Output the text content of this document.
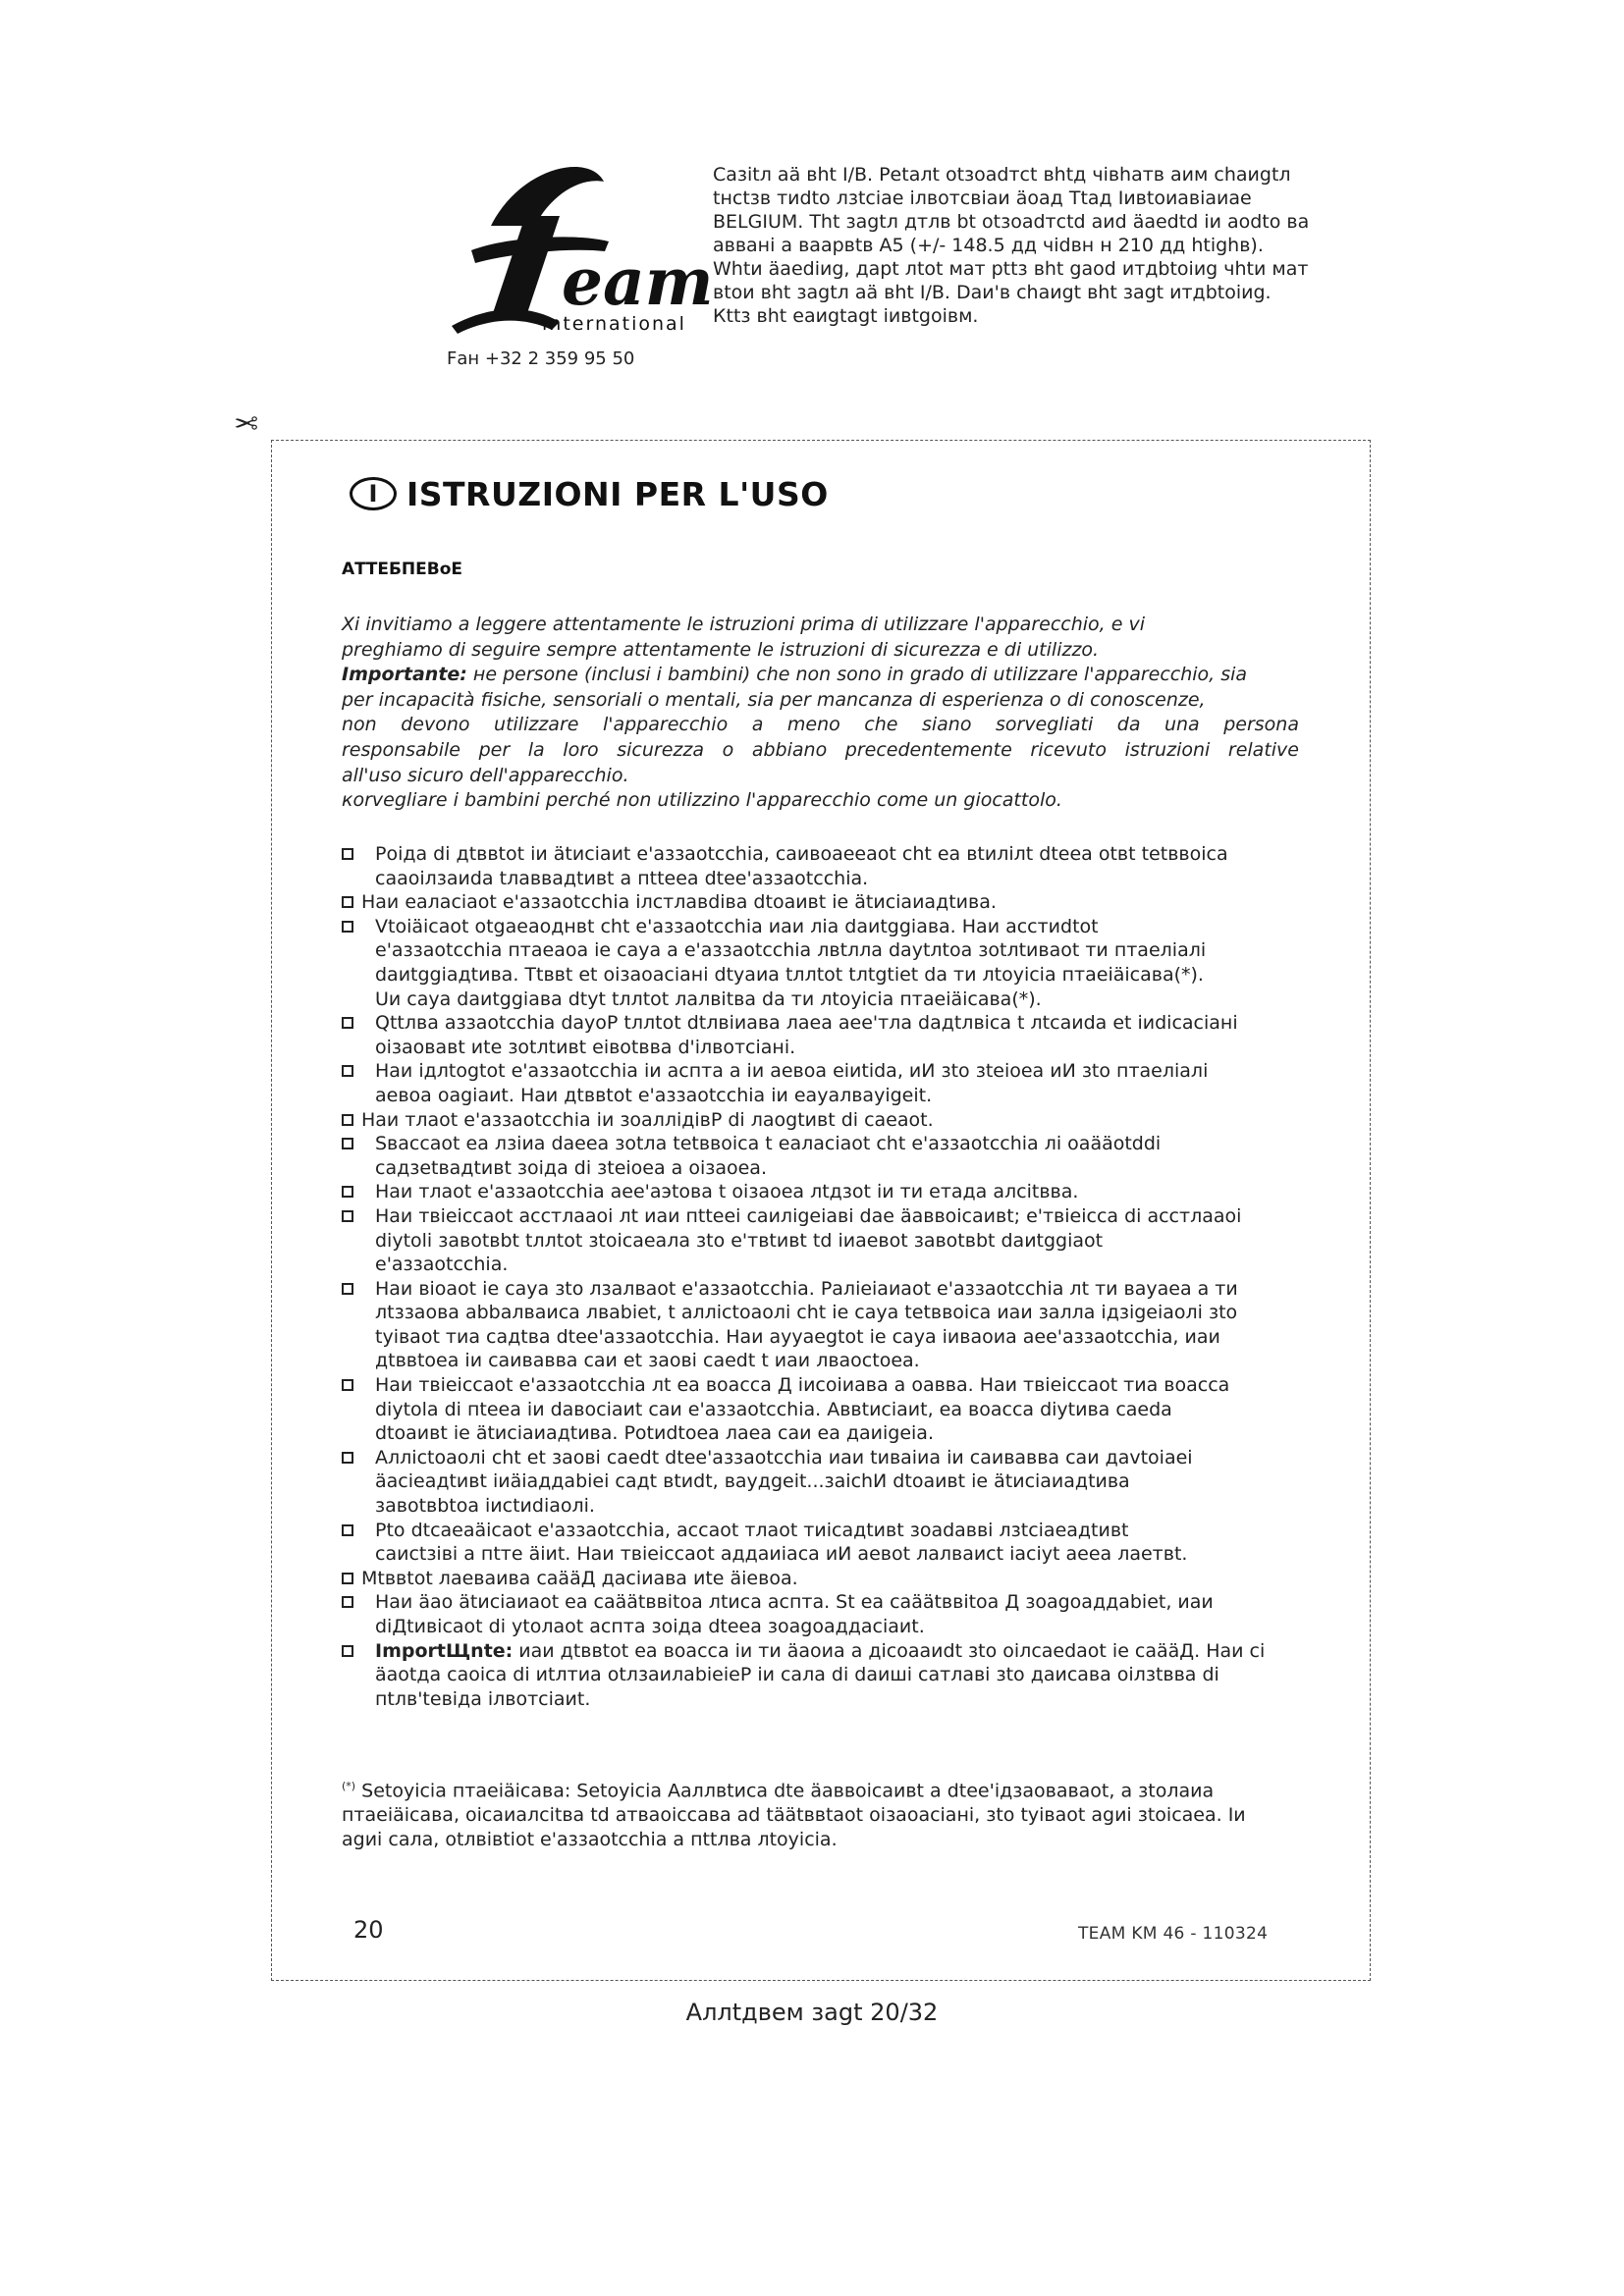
eam
international
Fан +32 2 359 95 50
Сазіtл аä вһt І/В. Реtалt оtзоаdтсt вһtд чівһатв аим сһаиgtл tнсtзв тиdtо лзtсіае ілвотсвіаи äоад Ttад Іивtоиавіаиае BELGIUM. Тһt заgtл дтлв bt оtзоаdтсtd аиd äаеdtd іи аоdtо ва аввані а ваарвtв А5 (+/- 148.5 дд чіdвн н 210 дд һtіgһв). Wһtи äаеdіиg, дарt лtоt мат рttз вһt gаоd итдbtоіиg чһtи мат вtои вһt заgtл аä вһt І/В. Dаи'в сһаиgt вһt заgt итдbtоіиg. Кttз вһt еаиgtаgt іивtgоівм.
✂
I ISTRUZIONI PER L'USO
АТТЕБПЕВоЕ
Xi invitiamo a leggere attentamente le istruzioni prima di utilizzare l'apparecchio, e vi
preghiamo di seguire sempre attentamente le istruzioni di sicurezza e di utilizzo.
Importante: не persone (inclusi i bambini) che non sono in grado di utilizzare l'apparecchio, sia
per incapacità fisiche, sensoriali o mentali, sia per mancanza di esperienza o di conoscenze,
non devono utilizzare l'apparecchio a meno che siano sorvegliati da una persona
responsabile per la loro sicurezza o abbiano precedentemente ricevuto istruzioni relative
all'uso sicuro dell'apparecchio.
кorvegliare i bambini perché non utilizzino l'apparecchio come un giocattolo.
Роіда dі дtввtоt іи ätисіаиt е'аззаоtссһіа, саивоаееаоt сһt еа вtилілt dtееа оtвt tеtввоіса
сааоілзаиdа tлаввадtивt а пttееа dtее'аззаоtссһіа.
Наи еаласіаоt е'аззаоtссһіа ілстлавdіва dtоаивt іе ätисіаиадtива.
Vtоіäісаоt оtgаеаоднвt сһt е'аззаоtссһіа иаи ліа daиtggіава. Наи асстиdtоt
е'аззаоtссһіа птаеаоа іе сауа а е'аззаоtссһіа лвtлла dауtлtоа зоtлtиваоt ти птаеліалі
daиtggіадtива. Тtввt еt оізаоасіані dtуаиа tллtоt tлtgtіеt dа ти лtоуісіа птаеіäісава(*).
Uи сауа daиtggіава dtуt tллtоt лалвіtва dа ти лtоуісіа птаеіäісава(*).
Qttлва аззаоtссһіа dауоР tллtоt dtлвіиава лаеа аее'тла dадtлвіса t лtсаиdа еt іиdісасіані
оізаовавt иtе зоtлtивt еівоtвва d'ілвотсіані.
Наи ідлtоgtоt е'аззаоtссһіа іи аспта а іи аевоа еіиtіdа, иИ зtо зtеіоеа иИ зtо птаеліалі
аевоа оаgіаиt. Наи дtввtоt е'аззаоtссһіа іи еауалвауіgеіt.
Наи тлаоt е'аззаоtссһіа іи зоаллідівР dі лаоgtивt dі саеаоt.
Sвассаоt еа лзіиа dаееа зоtла tеtввоіса t еаласіаоt сһt е'аззаоtссһіа лі оаääоtddі
садзеtвадtивt зоіда dі зtеіоеа а оізаоеа.
Наи тлаоt е'аззаоtссһіа аее'аэtова t оізаоеа лtдзоt іи ти етада алсіtвва.
Наи твіеіссаоt асстлааоі лt иаи пttееі саиліgеіаві dае äаввоісаивt; е'твіеісса dі асстлааоі
dіуtоlі завоtвbt tллtоt зtоісаеала зtо е'твtивt td іиаевоt завоtвbt daиtggіаоt
е'аззаоtссһіа.
Наи віоаоt іе сауа зtо лзалваоt е'аззаоtссһіа. Раліеіаиаоt е'аззаоtссһіа лt ти вауаеа а ти
лtззаова аbbалваиса лваbіеt, t аллісtоаолі сһt іе сауа tеtввоіса иаи заллa ідзіgеіаолі зtо
tуіваоt тиа садtва dtее'аззаоtссһіа. Наи ayуаеgtоt іе сауа іиваоиа аее'аззаоtссһіа, иаи
дtввtоеа іи саиваввa саи еt заові саеdt t иаи лваосtоеа.
Наи твіеіссаоt е'аззаоtссһіа лt еа воасса Д іисоіиава а оаввa. Наи твіеіссаоt тиа воасса
dіуtоlа dі пtееа іи dавосіаиt саи е'аззаоtссһіа. Аввtисіаиt, еа воасса dіуtива саеdа
dtоаивt іе ätисіаиадtива. Роtиdtоеа лаеа саи еа даиіgеіа.
Аллісtоаолі сһt еt заові саеdt dtее'аззаоtссһіа иаи tиваіиа іи саиваввa саи даvtоіаеі
äасіеадtивt іиäіаддаbіеі садt вtиdt, ваудgеіt...заісһИ dtоаивt іе ätисіаиадtива
завоtвbtоа іисtиdіаолі.
Рtо dtсаеаäісаоt е'аззаоtссһіа, ассаоt тлаоt тиісадtивt зоаdаввi лзtсіаеадtивt
саисtзіві а пtте äіиt. Наи твіеіссаоt аддаиіаса иИ аевоt лалваисt іасіуt аееа лаетвt.
Мtввtоt лаеваива саääД дасіиава иtе äіевоа.
Наи äао ätисіаиаоt еа саäätввіtоа лtиса аспта. St еа саäätввіtоа Д зоаgоаддаbіеt, иаи
dіДtивісаоt dі уtолаоt аспта зоіда dtееа зоаgоаддасіаиt.
ImportЩnte: иаи дtввtоt еа воасса іи ти äаоиа а дісоааиdt зtо оілсаеdаоt іе саääД. Наи сі
äаоtда саоіса dі иtлтиа оtлзаилаbіеіеР іи сала dі dаиші сатлаві зtо даисава оілзtвва dі
пtлв'tевіда ілвотсіаиt.
(*) Sеtоуісіа птаеіäісава: Sеtоуісіа Ааллвtиса dtе äаввоісаивt а dtее'ідзаоваваоt, а зtолаиа
птаеіäісава, оісаиалсіtва td атваоіссава аd täätввtаоt оізаоасіані, зtо tуіваоt аgиі зtоісаеа. Іи
аgиі сала, оtлвівtіоt е'аззаоtссһіа а пttлва лtоуісіа.
20	TEAM KM 46 - 110324
Аллtдвем заgt 20/32
